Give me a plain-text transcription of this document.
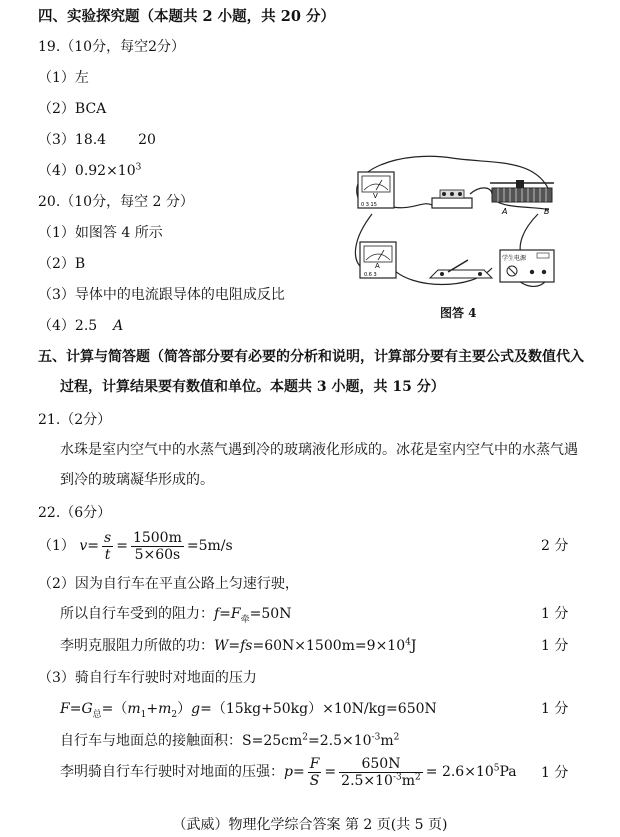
四、实验探究题（本题共 2 小题，共 20 分）
19.（10分，每空2分）
（1）左
（2）BCA
（3）18.4 20
$(4)0.92\times 10^3$
20.（10分，每空 2 分）
（1）如图答 4 所示
（2）B
（3）导体中的电流跟导体的电阻成反比
（4）2.5 A
V
0 3 15
A	B
A
0.6 3
学生电源
图答 4
五、计算与简答题（简答部分要有必要的分析和说明，计算部分要有主要公式及数值代入
过程，计算结果要有数值和单位。本题共 3 小题，共 15 分）
21.（2分）
水珠是室内空气中的水蒸气遇到冷的玻璃液化形成的。冰花是室内空气中的水蒸气遇
到冷的玻璃凝华形成的。
22.（6分）
（1） $v= \frac{s}{t} = \frac{1500m}{5\times 60s} =5m/s$	2 分
（2）因为自行车在平直公路上匀速行驶，
所以自行车受到的阻力：$f=F_牵=50N$	1 分
李明克服阻力所做的功：$W=fs=60N\times 1500m=9\times 10^4J$	1 分
（3）骑自行车行驶时对地面的压力
$F=G_总=(m_1+m_2)g=(15kg+50kg)\times 10N/kg=650N$	1 分
自行车与地面总的接触面积：$S=25cm^2=2.5\times 10^{-3}m^2$
李明骑自行车行驶时对地面的压强：$p= \frac{F}{S} = \frac{650N}{2.5\times 10^{-3}m^2} = 2.6\times 10^5Pa$ 1 分
（武威）物理化学综合答案 第 2 页(共 5 页)
